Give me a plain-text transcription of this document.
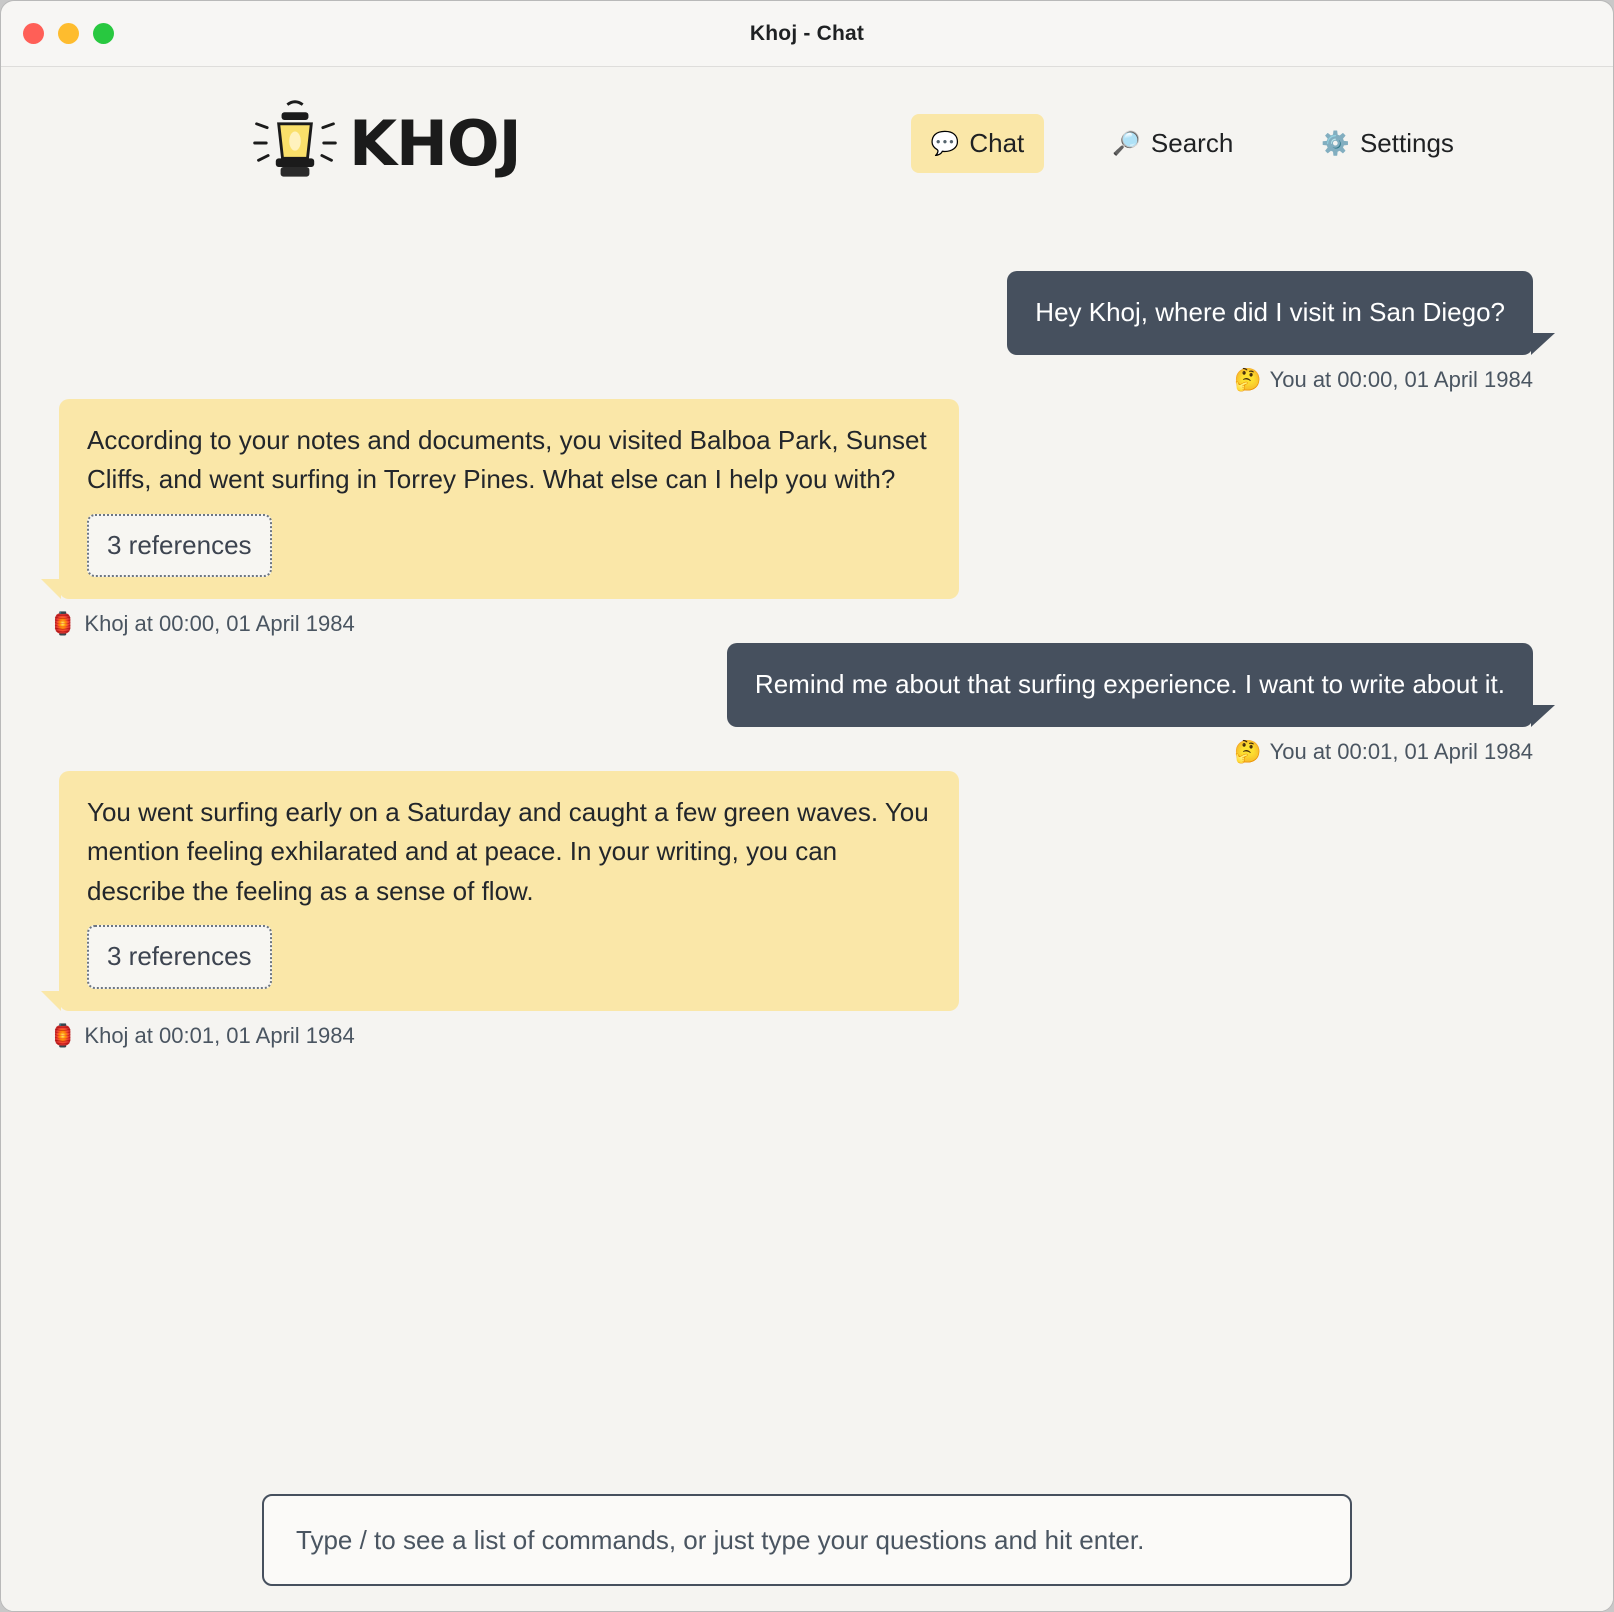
Khoj - Chat
KHOJ	💬 Chat	🔎 Search	⚙️ Settings
Hey Khoj, where did I visit in San Diego?
🤔 You at 00:00, 01 April 1984
According to your notes and documents, you visited Balboa Park, Sunset Cliffs, and went surfing in Torrey Pines. What else can I help you with?
3 references
🏮 Khoj at 00:00, 01 April 1984
Remind me about that surfing experience. I want to write about it.
🤔 You at 00:01, 01 April 1984
You went surfing early on a Saturday and caught a few green waves. You mention feeling exhilarated and at peace. In your writing, you can describe the feeling as a sense of flow.
3 references
🏮 Khoj at 00:01, 01 April 1984
Type / to see a list of commands, or just type your questions and hit enter.
